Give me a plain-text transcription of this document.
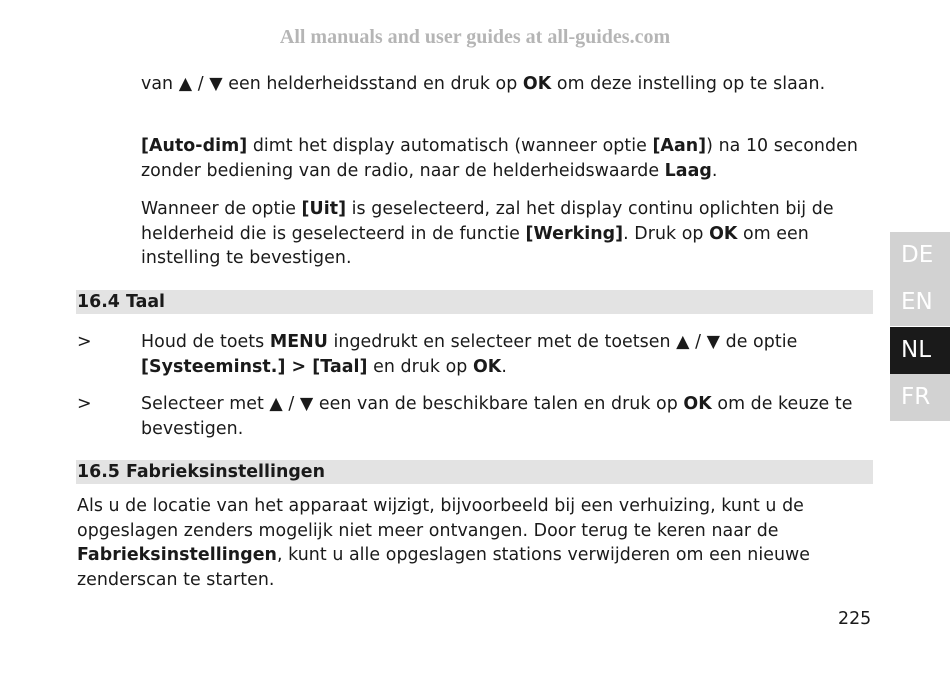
All manuals and user guides at all-guides.com

van ▲ / ▼ een helderheidsstand en druk op OK om deze instelling op te slaan.

[Auto-dim] dimt het display automatisch (wanneer optie [Aan]) na 10 seconden zonder bediening van de radio, naar de helderheidswaarde Laag.

Wanneer de optie [Uit] is geselecteerd, zal het display continu oplichten bij de helderheid die is geselecteerd in de functie [Werking]. Druk op OK om een instelling te bevestigen.

16.4 Taal
>	Houd de toets MENU ingedrukt en selecteer met de toetsen ▲ / ▼ de optie [Systeeminst.] > [Taal] en druk op OK.

>	Selecteer met ▲ / ▼ een van de beschikbare talen en druk op OK om de keuze te bevestigen.

16.5 Fabrieksinstellingen

Als u de locatie van het apparaat wijzigt, bijvoorbeeld bij een verhuizing, kunt u de opgeslagen zenders mogelijk niet meer ontvangen. Door terug te keren naar de Fabrieksinstellingen, kunt u alle opgeslagen stations verwijderen om een nieuwe zenderscan te starten.

225
DE
EN
NL
FR
